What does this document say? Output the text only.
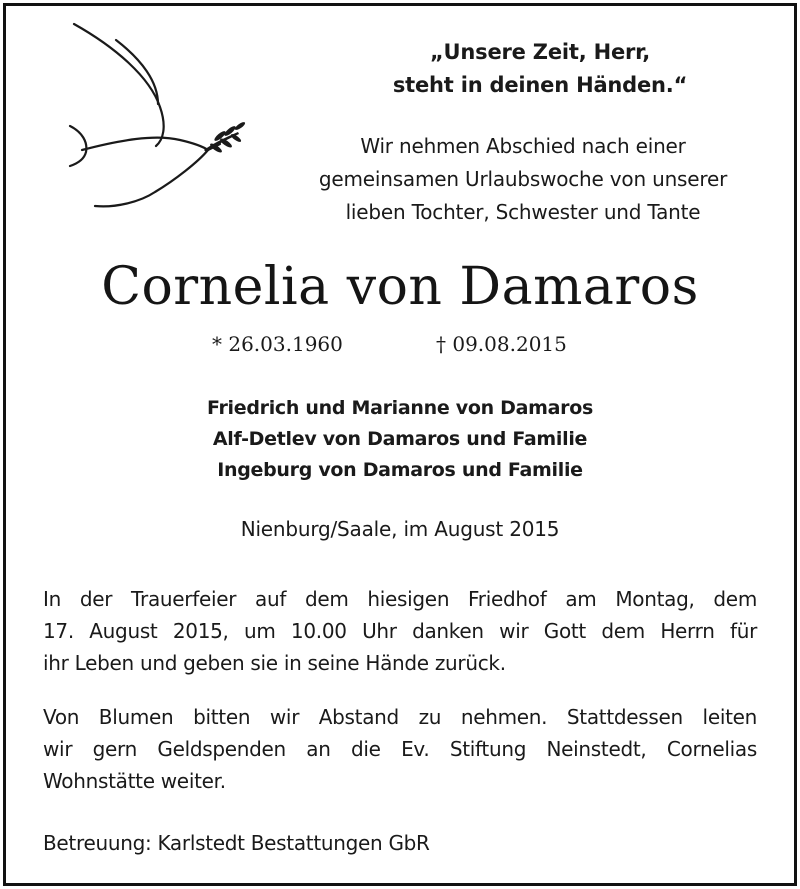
„Unsere Zeit, Herr,
steht in deinen Händen.“
Wir nehmen Abschied nach einer
gemeinsamen Urlaubswoche von unserer
lieben Tochter, Schwester und Tante
Cornelia von Damaros
* 26.03.1960	† 09.08.2015
Friedrich und Marianne von Damaros
Alf-Detlev von Damaros und Familie
Ingeburg von Damaros und Familie
Nienburg/Saale, im August 2015
In der Trauerfeier auf dem hiesigen Friedhof am Montag, dem
17. August 2015, um 10.00 Uhr danken wir Gott dem Herrn für
ihr Leben und geben sie in seine Hände zurück.
Von Blumen bitten wir Abstand zu nehmen. Stattdessen leiten
wir gern Geldspenden an die Ev. Stiftung Neinstedt, Cornelias
Wohnstätte weiter.
Betreuung: Karlstedt Bestattungen GbR
